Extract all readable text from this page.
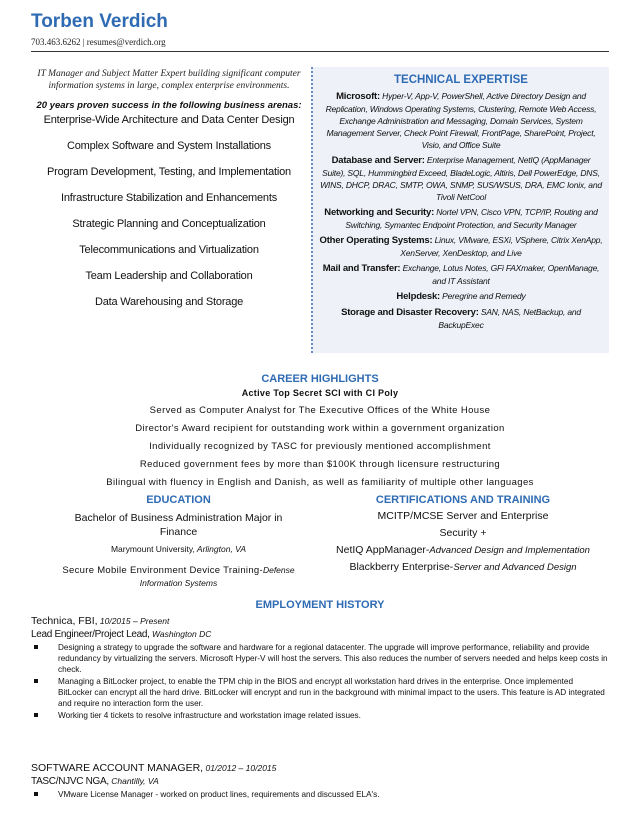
Torben Verdich
703.463.6262 | resumes@verdich.org
IT Manager and Subject Matter Expert building significant computer information systems in large, complex enterprise environments.
20 years proven success in the following business arenas:
Enterprise-Wide Architecture and Data Center Design
Complex Software and System Installations
Program Development, Testing, and Implementation
Infrastructure Stabilization and Enhancements
Strategic Planning and Conceptualization
Telecommunications and Virtualization
Team Leadership and Collaboration
Data Warehousing and Storage
TECHNICAL EXPERTISE
Microsoft: Hyper-V, App-V, PowerShell, Active Directory Design and Replication, Windows Operating Systems, Clustering, Remote Web Access, Exchange Administration and Messaging, Domain Services, System Management Server, Check Point Firewall, FrontPage, SharePoint, Project, Visio, and Office Suite
Database and Server: Enterprise Management, NetIQ (AppManager Suite), SQL, Hummingbird Exceed, BladeLogic, Altiris, Dell PowerEdge, DNS, WINS, DHCP, DRAC, SMTP, OWA, SNMP, SUS/WSUS, DRA, EMC Ionix, and Tivoli NetCool
Networking and Security: Nortel VPN, Cisco VPN, TCP/IP, Routing and Switching, Symantec Endpoint Protection, and Security Manager
Other Operating Systems: Linux, VMware, ESXi, VSphere, Citrix XenApp, XenServer, XenDesktop, and Live
Mail and Transfer: Exchange, Lotus Notes, GFi FAXmaker, OpenManage, and IT Assistant
Helpdesk: Peregrine and Remedy
Storage and Disaster Recovery: SAN, NAS, NetBackup, and BackupExec
CAREER HIGHLIGHTS
Active Top Secret SCI with CI Poly
Served as Computer Analyst for The Executive Offices of the White House
Director's Award recipient for outstanding work within a government organization
Individually recognized by TASC for previously mentioned accomplishment
Reduced government fees by more than $100K through licensure restructuring
Bilingual with fluency in English and Danish, as well as familiarity of multiple other languages
EDUCATION
Bachelor of Business Administration Major in Finance
Marymount University, Arlington, VA
Secure Mobile Environment Device Training-Defense Information Systems
CERTIFICATIONS AND TRAINING
MCITP/MCSE Server and Enterprise
Security +
NetIQ AppManager-Advanced Design and Implementation
Blackberry Enterprise-Server and Advanced Design
EMPLOYMENT HISTORY
Technica, FBI, 10/2015 – Present
Lead Engineer/Project Lead, Washington DC
Designing a strategy to upgrade the software and hardware for a regional datacenter. The upgrade will improve performance, reliability and provide redundancy by virtualizing the servers. Microsoft Hyper-V will host the servers. This also reduces the number of servers needed and helps keep costs in check.
Managing a BitLocker project, to enable the TPM chip in the BIOS and encrypt all workstation hard drives in the enterprise. Once implemented BitLocker can encrypt all the hard drive. BitLocker will encrypt and run in the background with minimal impact to the users. This feature is AD integrated and require no interaction form the user.
Working tier 4 tickets to resolve infrastructure and workstation image related issues.
SOFTWARE ACCOUNT MANAGER, 01/2012 – 10/2015
TASC/NJVC NGA, Chantilly, VA
VMware License Manager - worked on product lines, requirements and discussed ELA's.
